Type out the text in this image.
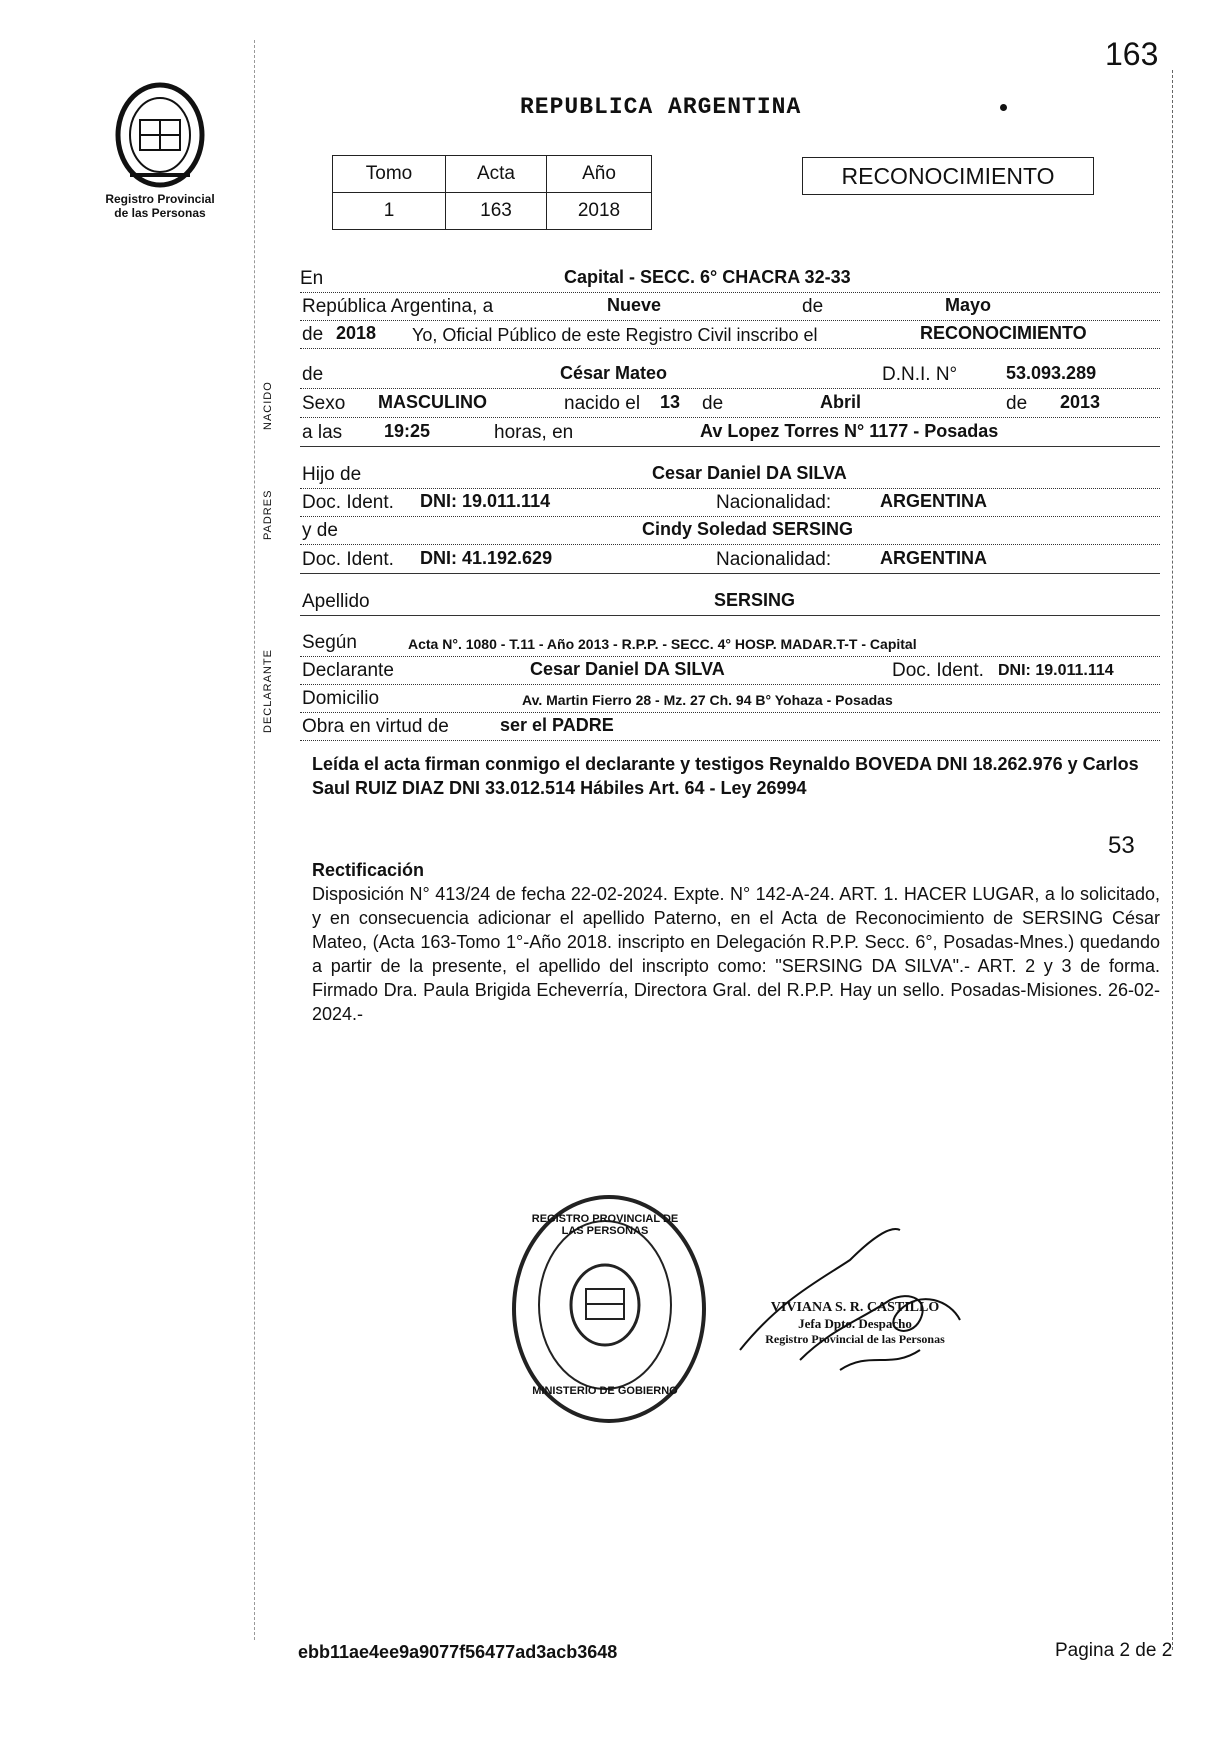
163
Registro Provincial
de las Personas
REPUBLICA ARGENTINA
Tomo	Acta	Año
1	163	2018
RECONOCIMIENTO
NACIDO
PADRES
DECLARANTE
En	Capital - SECC. 6° CHACRA 32-33
República Argentina, a	Nueve	de	Mayo
de 2018 Yo, Oficial Público de este Registro Civil inscribo el	RECONOCIMIENTO
de	César Mateo	D.N.I. N°	53.093.289
Sexo MASCULINO	nacido el 13 de	Abril	de 2013
a las 19:25	horas, en	Av Lopez Torres N° 1177 - Posadas
Hijo de	Cesar Daniel DA SILVA
Doc. Ident. DNI: 19.011.114	Nacionalidad:	ARGENTINA
y de	Cindy Soledad SERSING
Doc. Ident. DNI: 41.192.629	Nacionalidad:	ARGENTINA
Apellido	SERSING
Según	Acta N°. 1080 - T.11 - Año 2013 - R.P.P. - SECC. 4° HOSP. MADAR.T-T - Capital
Declarante	Cesar Daniel DA SILVA	Doc. Ident. DNI: 19.011.114
Domicilio	Av. Martin Fierro 28 - Mz. 27 Ch. 94 B° Yohaza - Posadas
Obra en virtud de	ser el PADRE
Leída el acta firman conmigo el declarante y testigos Reynaldo BOVEDA DNI 18.262.976 y Carlos Saul RUIZ DIAZ DNI 33.012.514 Hábiles Art. 64 - Ley 26994
53
Rectificación
Disposición N° 413/24 de fecha 22-02-2024. Expte. N° 142-A-24. ART. 1. HACER LUGAR, a lo solicitado, y en consecuencia adicionar el apellido Paterno, en el Acta de Reconocimiento de SERSING César Mateo, (Acta 163-Tomo 1°-Año 2018. inscripto en Delegación R.P.P. Secc. 6°, Posadas-Mnes.) quedando a partir de la presente, el apellido del inscripto como: "SERSING DA SILVA".- ART. 2 y 3 de forma. Firmado Dra. Paula Brigida Echeverría, Directora Gral. del R.P.P. Hay un sello. Posadas-Misiones. 26-02-2024.-
REGISTRO PROVINCIAL DE LAS PERSONAS
MINISTERIO DE GOBIERNO
VIVIANA S. R. CASTILLO
Jefa Dpto. Despacho
Registro Provincial de las Personas
ebb11ae4ee9a9077f56477ad3acb3648	Pagina 2 de 2
